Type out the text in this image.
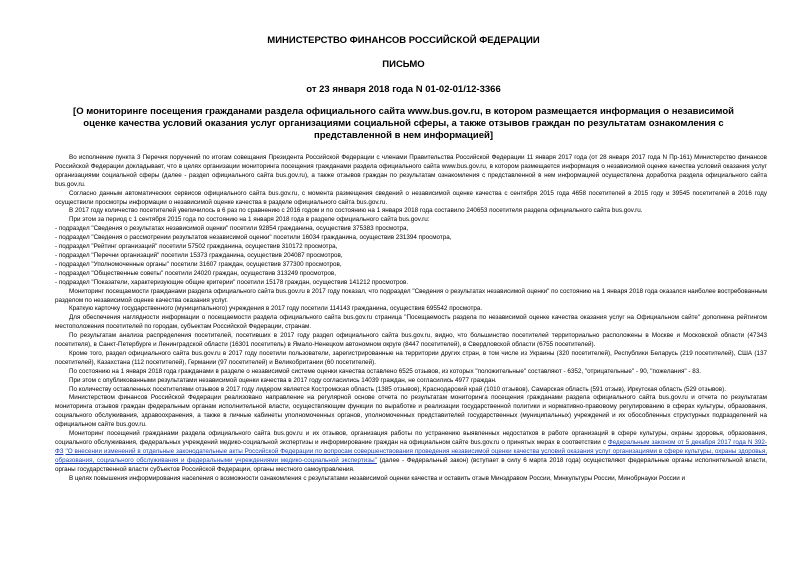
МИНИСТЕРСТВО ФИНАНСОВ РОССИЙСКОЙ ФЕДЕРАЦИИ
ПИСЬМО
от 23 января 2018 года N 01-02-01/12-3366
[О мониторинге посещения гражданами раздела официального сайта www.bus.gov.ru, в котором размещается информация о независимой оценке качества условий оказания услуг организациями социальной сферы, а также отзывов граждан по результатам ознакомления с представленной в нем информацией]

Во исполнение пункта 3 Перечня поручений по итогам совещания Президента Российской Федерации с членами Правительства Российской Федерации 11 января 2017 года (от 28 января 2017 года N Пр-161) Министерство финансов Российской Федерации докладывает, что в целях организации мониторинга посещения гражданами раздела официального сайта www.bus.gov.ru, в котором размещается информация о независимой оценке качества условий оказания услуг организациями социальной сферы (далее - раздел официального сайта bus.gov.ru), а также отзывов граждан по результатам ознакомления с представленной в нем информацией осуществлена доработка раздела официального сайта bus.gov.ru.

Согласно данным автоматических сервисов официального сайта bus.gov.ru, с момента размещения сведений о независимой оценке качества с сентября 2015 года 4658 посетителей в 2015 году и 39545 посетителей в 2016 году осуществили просмотры информации о независимой оценке качества в разделе официального сайта bus.gov.ru.

В 2017 году количество посетителей увеличилось в 6 раз по сравнению с 2016 годом и по состоянию на 1 января 2018 года составило 240653 посетителя раздела официального сайта bus.gov.ru.

При этом за период с 1 сентября 2015 года по состоянию на 1 января 2018 года в разделе официального сайта bus.gov.ru:

- подраздел "Сведения о результатах независимой оценки" посетили 92854 гражданина, осуществив 375383 просмотра,

- подраздел "Сведения о рассмотрении результатов независимой оценки" посетили 16034 гражданина, осуществив 231394 просмотра,

- подраздел "Рейтинг организаций" посетили 57502 гражданина, осуществив 310172 просмотра,

- подраздел "Перечни организаций" посетили 15373 гражданина, осуществив 204087 просмотров,

- подраздел "Уполномоченные органы" посетили 31607 граждан, осуществив 377300 просмотров,

- подраздел "Общественные советы" посетили 24020 граждан, осуществив 313249 просмотров,

- подраздел "Показатели, характеризующие общие критерии" посетили 15178 граждан, осуществив 141212 просмотров.

Мониторинг посещаемости гражданами раздела официального сайта bus.gov.ru в 2017 году показал, что подраздел "Сведения о результатах независимой оценки" по состоянию на 1 января 2018 года оказался наиболее востребованным разделом по независимой оценке качества оказания услуг.

Краткую карточку государственного (муниципального) учреждения в 2017 году посетили 114143 гражданина, осуществив 695542 просмотра.

Для обеспечения наглядности информации о посещаемости раздела официального сайта bus.gov.ru страница "Посещаемость раздела по независимой оценке качества оказания услуг на Официальном сайте" дополнена рейтингом местоположения посетителей по городам, субъектам Российской Федерации, странам.

По результатам анализа распределения посетителей, посетивших в 2017 году раздел официального сайта bus.gov.ru, видно, что большинство посетителей территориально расположены в Москве и Московской области (47343 посетителя), в Санкт-Петербурге и Ленинградской области (16301 посетитель) в Ямало-Ненецком автономном округе (8447 посетителей), в Свердловской области (6755 посетителей).

Кроме того, раздел официального сайта bus.gov.ru в 2017 году посетили пользователи, зарегистрированные на территории других стран, в том числе из Украины (320 посетителей), Республики Беларусь (219 посетителей), США (137 посетителей), Казахстана (112 посетителей), Германии (97 посетителей) и Великобритании (60 посетителей).

По состоянию на 1 января 2018 года гражданами в разделе о независимой системе оценки качества оставлено 6525 отзывов, из которых "положительные" составляют - 6352, "отрицательные" - 90, "пожелания" - 83.

При этом с опубликованными результатами независимой оценки качества в 2017 году согласились 14039 граждан, не согласились 4977 граждан.

По количеству оставленных посетителями отзывов в 2017 году лидером является Костромская область (1385 отзывов), Краснодарский край (1010 отзывов), Самарская область (591 отзыв), Иркутская область (529 отзывов).

Министерством финансов Российской Федерации реализовано направление на регулярной основе отчета по результатам мониторинга посещения гражданами раздела официального сайта bus.gov.ru и отчета по результатам мониторинга отзывов граждан федеральным органам исполнительной власти, осуществляющим функции по выработке и реализации государственной политики и нормативно-правовому регулированию в сферах культуры, образования, социального обслуживания, здравоохранения, а также в личные кабинеты уполномоченных органов, уполномоченных представителей государственных (муниципальных) учреждений и их обособленных структурных подразделений на официальном сайте bus.gov.ru.

Мониторинг посещений гражданами раздела официального сайта bus.gov.ru и их отзывов, организация работы по устранению выявленных недостатков в работе организаций в сфере культуры, охраны здоровья, образования, социального обслуживания, федеральных учреждений медико-социальной экспертизы и информирование граждан на официальном сайте bus.gov.ru о принятых мерах в соответствии с Федеральным законом от 5 декабря 2017 года N 392-ФЗ "О внесении изменений в отдельные законодательные акты Российской Федерации по вопросам совершенствования проведения независимой оценки качества условий оказания услуг организациями в сфере культуры, охраны здоровья, образования, социального обслуживания и федеральными учреждениями медико-социальной экспертизы" (далее - Федеральный закон) (вступает в силу 6 марта 2018 года) осуществляют федеральные органы исполнительной власти, органы государственной власти субъектов Российской Федерации, органы местного самоуправления.

В целях повышения информирования населения о возможности ознакомления с результатами независимой оценки качества и оставить отзыв Минздравом России, Минкультуры России, Минобрнауки России и
